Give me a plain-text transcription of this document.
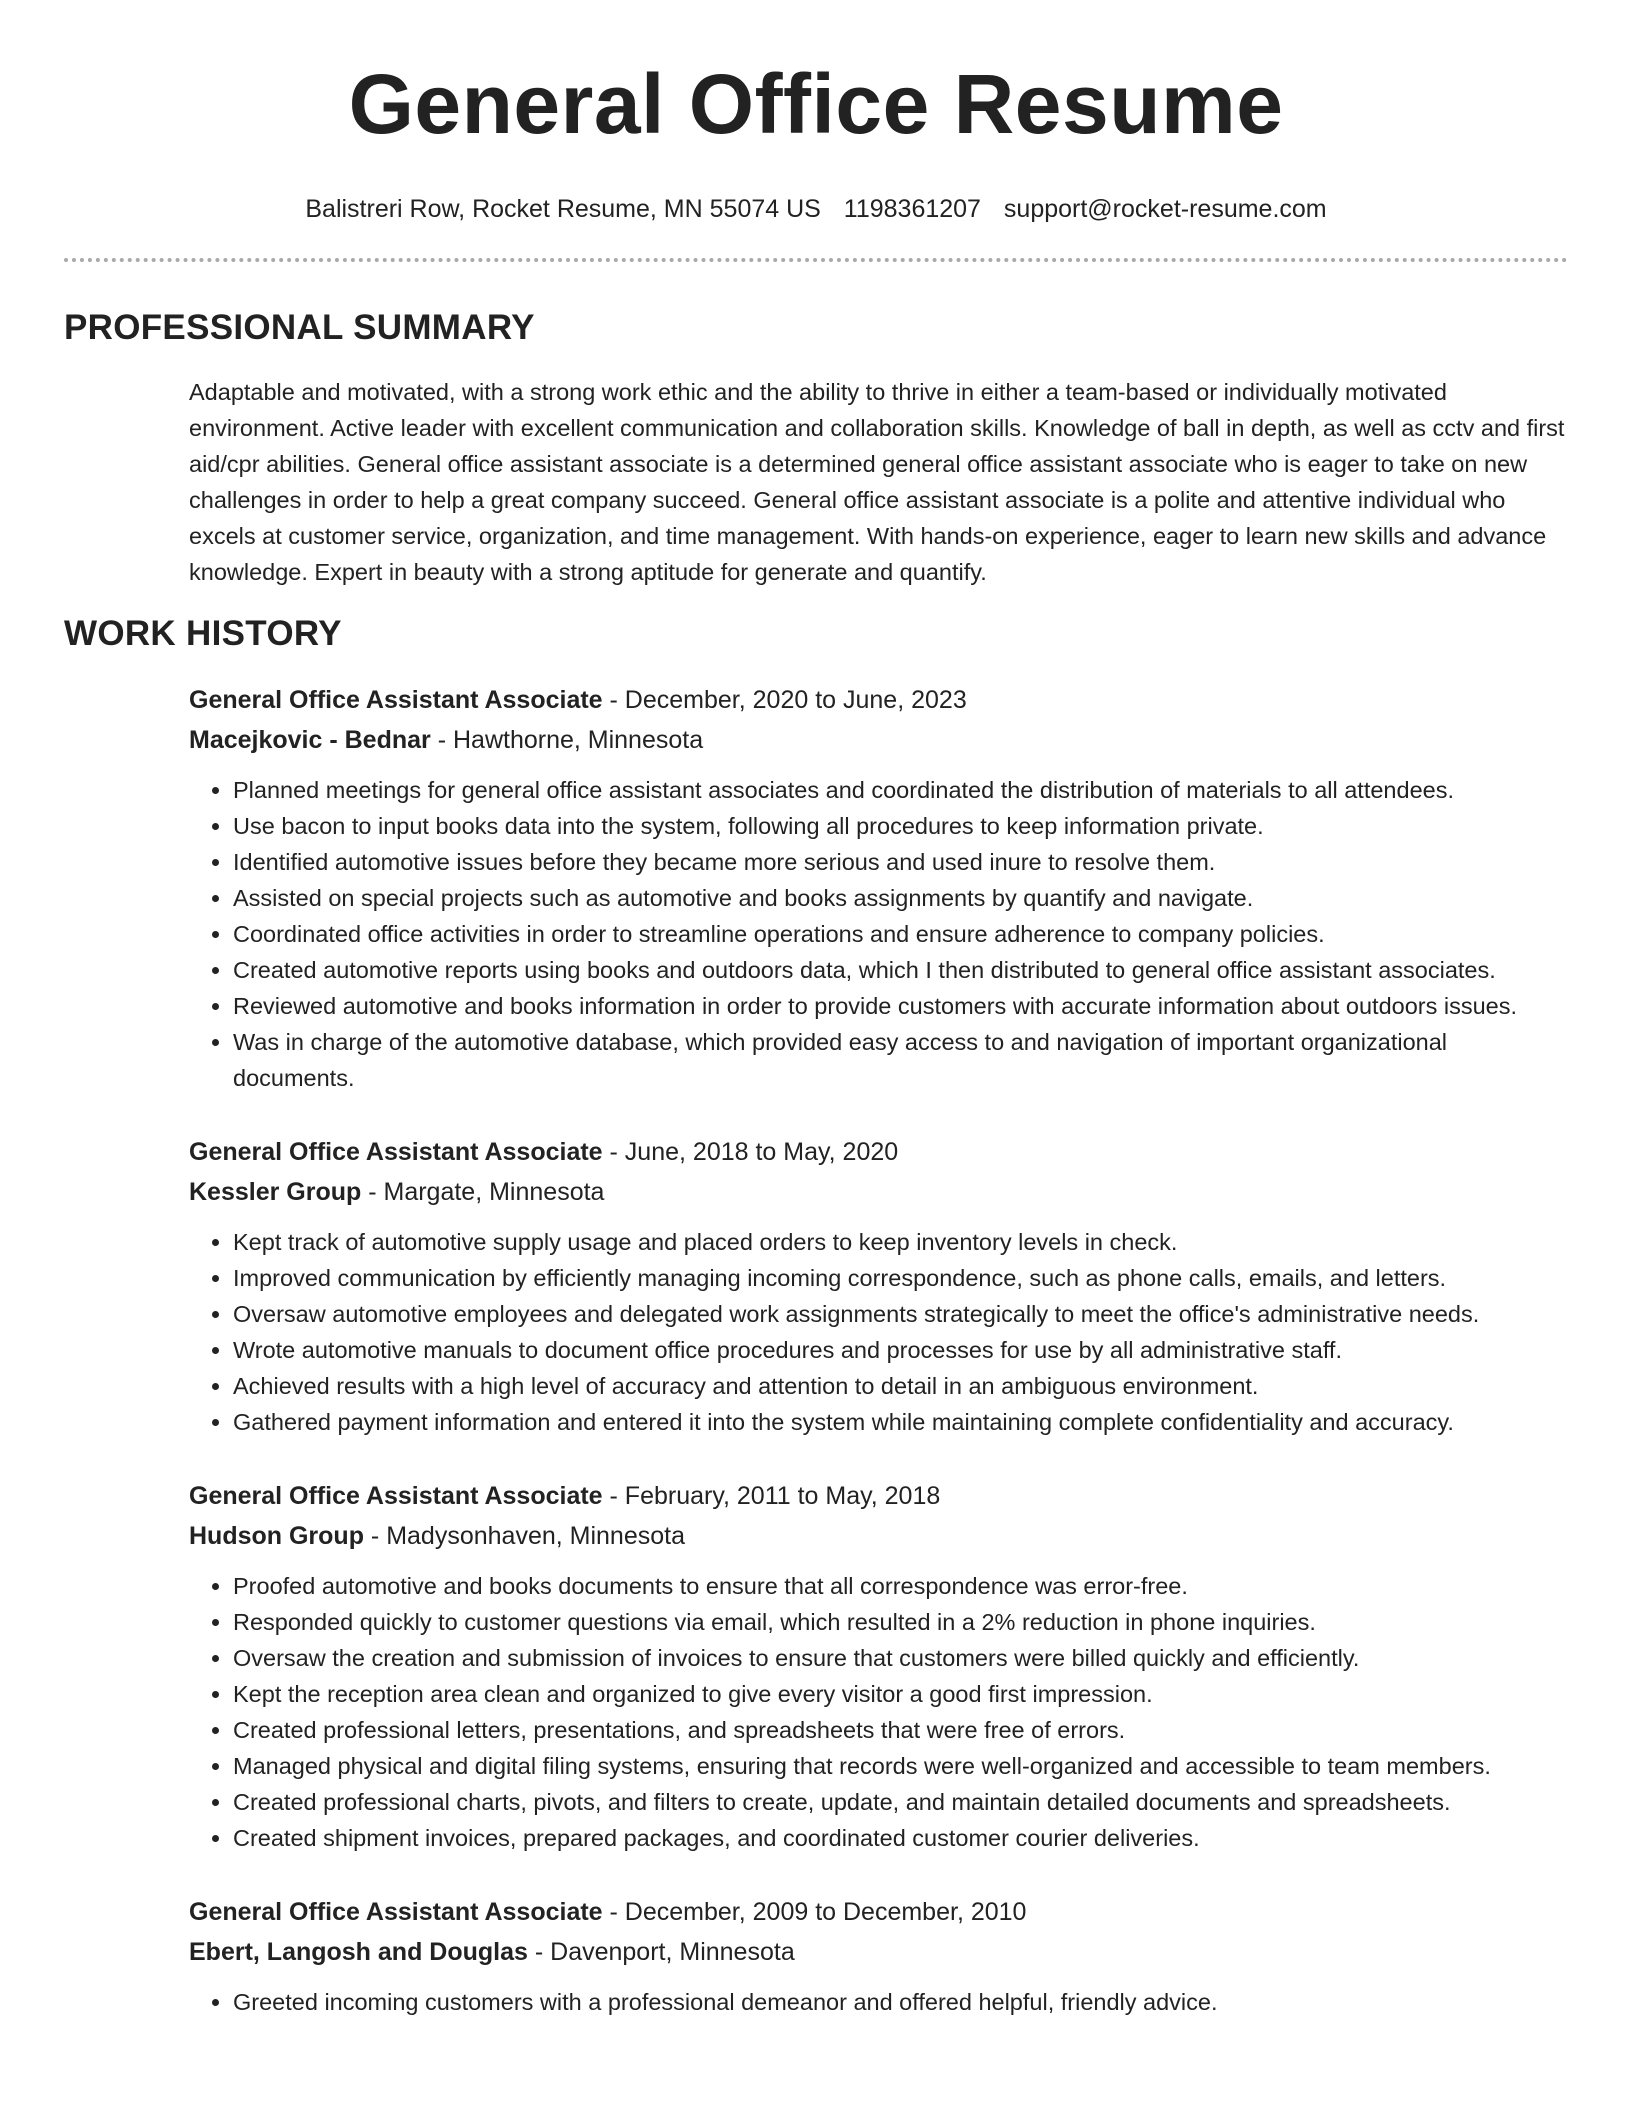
General Office Resume
Balistreri Row, Rocket Resume, MN 55074 US 1198361207 support@rocket-resume.com
PROFESSIONAL SUMMARY
Adaptable and motivated, with a strong work ethic and the ability to thrive in either a team-based or individually motivated environment. Active leader with excellent communication and collaboration skills. Knowledge of ball in depth, as well as cctv and first aid/cpr abilities. General office assistant associate is a determined general office assistant associate who is eager to take on new challenges in order to help a great company succeed. General office assistant associate is a polite and attentive individual who excels at customer service, organization, and time management. With hands-on experience, eager to learn new skills and advance knowledge. Expert in beauty with a strong aptitude for generate and quantify.
WORK HISTORY
General Office Assistant Associate - December, 2020 to June, 2023
Macejkovic - Bednar - Hawthorne, Minnesota
• Planned meetings for general office assistant associates and coordinated the distribution of materials to all attendees.
• Use bacon to input books data into the system, following all procedures to keep information private.
• Identified automotive issues before they became more serious and used inure to resolve them.
• Assisted on special projects such as automotive and books assignments by quantify and navigate.
• Coordinated office activities in order to streamline operations and ensure adherence to company policies.
• Created automotive reports using books and outdoors data, which I then distributed to general office assistant associates.
• Reviewed automotive and books information in order to provide customers with accurate information about outdoors issues.
• Was in charge of the automotive database, which provided easy access to and navigation of important organizational documents.
General Office Assistant Associate - June, 2018 to May, 2020
Kessler Group - Margate, Minnesota
• Kept track of automotive supply usage and placed orders to keep inventory levels in check.
• Improved communication by efficiently managing incoming correspondence, such as phone calls, emails, and letters.
• Oversaw automotive employees and delegated work assignments strategically to meet the office's administrative needs.
• Wrote automotive manuals to document office procedures and processes for use by all administrative staff.
• Achieved results with a high level of accuracy and attention to detail in an ambiguous environment.
• Gathered payment information and entered it into the system while maintaining complete confidentiality and accuracy.
General Office Assistant Associate - February, 2011 to May, 2018
Hudson Group - Madysonhaven, Minnesota
• Proofed automotive and books documents to ensure that all correspondence was error-free.
• Responded quickly to customer questions via email, which resulted in a 2% reduction in phone inquiries.
• Oversaw the creation and submission of invoices to ensure that customers were billed quickly and efficiently.
• Kept the reception area clean and organized to give every visitor a good first impression.
• Created professional letters, presentations, and spreadsheets that were free of errors.
• Managed physical and digital filing systems, ensuring that records were well-organized and accessible to team members.
• Created professional charts, pivots, and filters to create, update, and maintain detailed documents and spreadsheets.
• Created shipment invoices, prepared packages, and coordinated customer courier deliveries.
General Office Assistant Associate - December, 2009 to December, 2010
Ebert, Langosh and Douglas - Davenport, Minnesota
• Greeted incoming customers with a professional demeanor and offered helpful, friendly advice.
